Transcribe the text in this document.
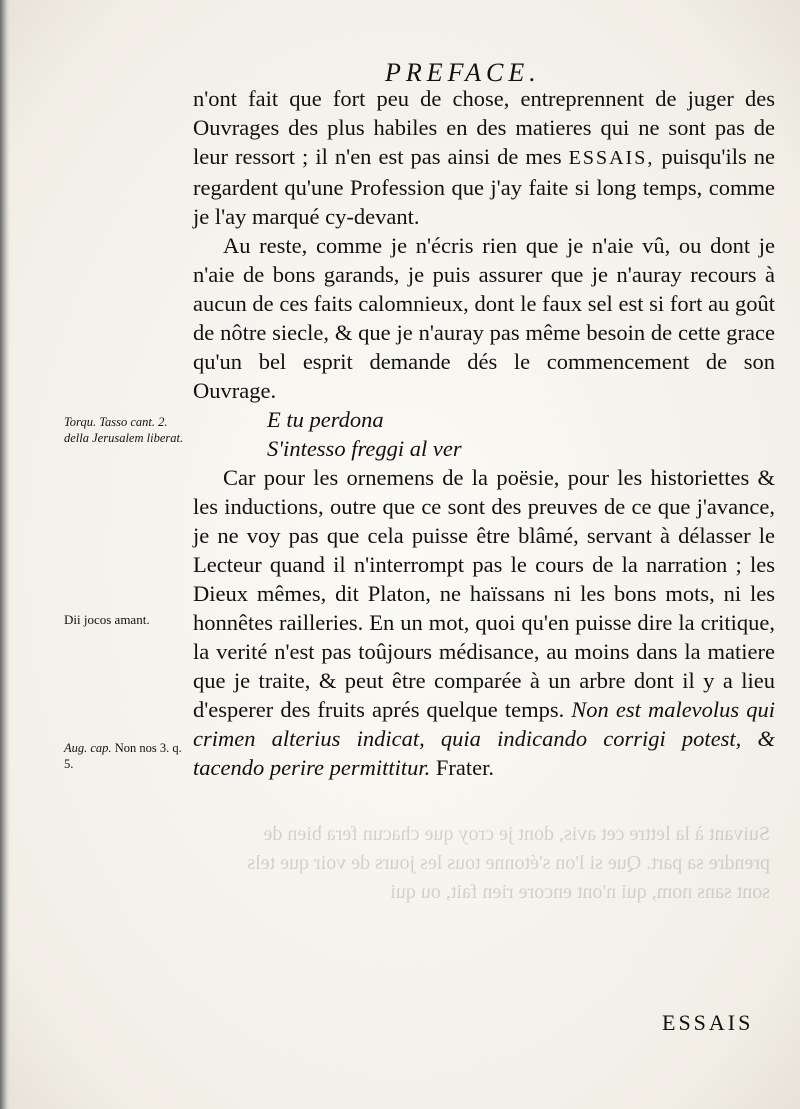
Suivant à la lettre cet avis, dont je croy que chacun fera bien de prendre sa part. Que si l'on s'étonne tous les jours de voir que tels sont sans nom, qui n'ont encore rien fait, ou qui
PREFACE.

n'ont fait que fort peu de chose, entreprennent de juger des Ouvrages des plus habiles en des matieres qui ne sont pas de leur ressort ; il n'en est pas ainsi de mes ESSAIS, puisqu'ils ne regardent qu'une Profession que j'ay faite si long temps, comme je l'ay marqué cy-devant.

Au reste, comme je n'écris rien que je n'aie vû, ou dont je n'aie de bons garands, je puis assurer que je n'auray recours à aucun de ces faits calomnieux, dont le faux sel est si fort au goût de nôtre siecle, & que je n'auray pas même besoin de cette grace qu'un bel esprit demande dés le commencement de son Ouvrage.

E tu perdona

S'intesso freggi al ver

Car pour les ornemens de la poësie, pour les historiettes & les inductions, outre que ce sont des preuves de ce que j'avance, je ne voy pas que cela puisse être blâmé, servant à délasser le Lecteur quand il n'interrompt pas le cours de la narration ; les Dieux mêmes, dit Platon, ne haïssans ni les bons mots, ni les honnêtes railleries. En un mot, quoi qu'en puisse dire la critique, la verité n'est pas toûjours médisance, au moins dans la matiere que je traite, & peut être comparée à un arbre dont il y a lieu d'esperer des fruits aprés quelque temps. Non est malevolus qui crimen alterius indicat, quia indicando corrigi potest, & tacendo perire permittitur. Frater.

Torqu. Tasso cant. 2. della Jerusalem liberat.
Dii jocos amant.
Aug. cap. Non nos 3. q. 5.
ESSAIS
